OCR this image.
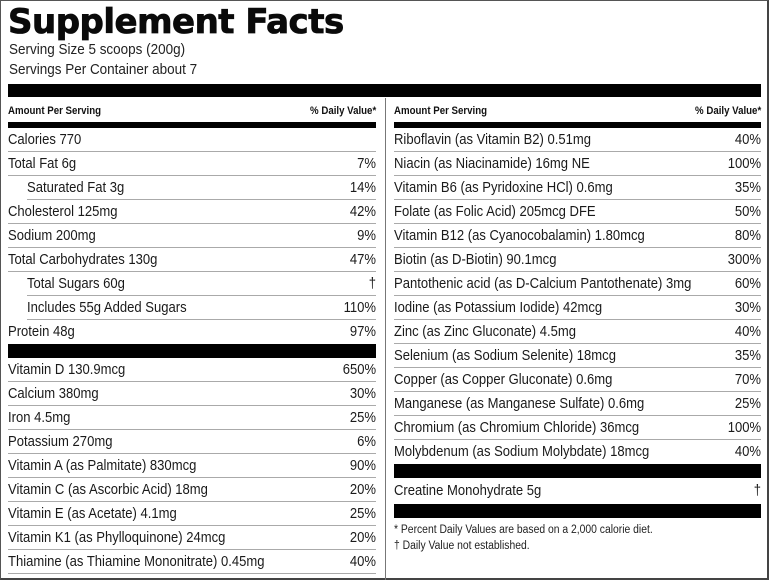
Supplement Facts
Serving Size 5 scoops (200g)
Servings Per Container about 7
Amount Per Serving	% Daily Value*
Calories 770
Total Fat 6g	7%
Saturated Fat 3g	14%
Cholesterol 125mg	42%
Sodium 200mg	9%
Total Carbohydrates 130g	47%
Total Sugars 60g	†
Includes 55g Added Sugars	110%
Protein 48g	97%
Vitamin D 130.9mcg	650%
Calcium 380mg	30%
Iron 4.5mg	25%
Potassium 270mg	6%
Vitamin A (as Palmitate) 830mcg	90%
Vitamin C (as Ascorbic Acid) 18mg	20%
Vitamin E (as Acetate) 4.1mg	25%
Vitamin K1 (as Phylloquinone) 24mcg	20%
Thiamine (as Thiamine Mononitrate) 0.45mg	40%
Amount Per Serving	% Daily Value*
Riboflavin (as Vitamin B2) 0.51mg	40%
Niacin (as Niacinamide) 16mg NE	100%
Vitamin B6 (as Pyridoxine HCl) 0.6mg	35%
Folate (as Folic Acid) 205mcg DFE	50%
Vitamin B12 (as Cyanocobalamin) 1.80mcg	80%
Biotin (as D-Biotin) 90.1mcg	300%
Pantothenic acid (as D-Calcium Pantothenate) 3mg	60%
Iodine (as Potassium Iodide) 42mcg	30%
Zinc (as Zinc Gluconate) 4.5mg	40%
Selenium (as Sodium Selenite) 18mcg	35%
Copper (as Copper Gluconate) 0.6mg	70%
Manganese (as Manganese Sulfate) 0.6mg	25%
Chromium (as Chromium Chloride) 36mcg	100%
Molybdenum (as Sodium Molybdate) 18mcg	40%
Creatine Monohydrate 5g	†
* Percent Daily Values are based on a 2,000 calorie diet.
† Daily Value not established.
